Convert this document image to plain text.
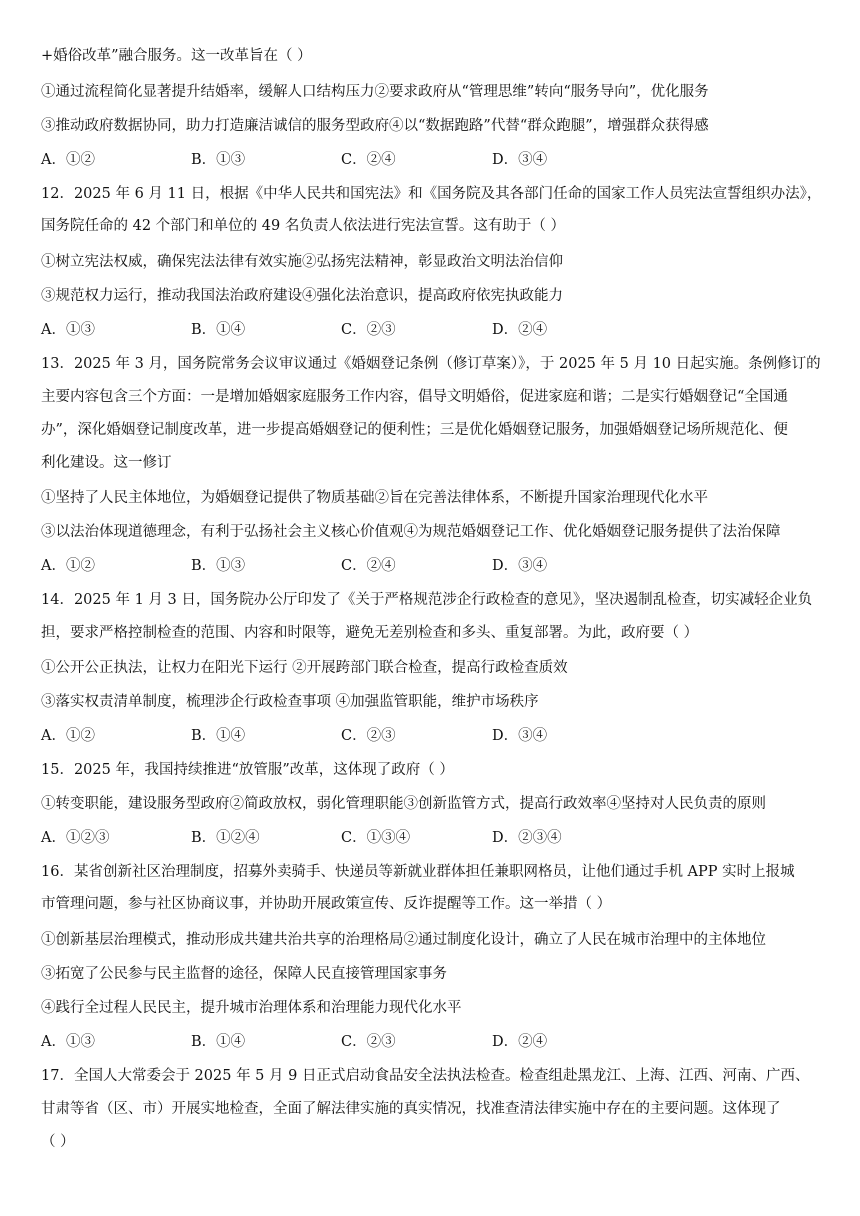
+婚俗改革”融合服务。这一改革旨在（ ）
①通过流程简化显著提升结婚率，缓解人口结构压力②要求政府从“管理思维”转向“服务导向”，优化服务
③推动政府数据协同，助力打造廉洁诚信的服务型政府④以“数据跑路”代替“群众跑腿”，增强群众获得感
A．①②	B．①③	C．②④	D．③④
12．2025 年 6 月 11 日，根据《中华人民共和国宪法》和《国务院及其各部门任命的国家工作人员宪法宣誓组织办法》，
国务院任命的 42 个部门和单位的 49 名负责人依法进行宪法宣誓。这有助于（ ）
①树立宪法权威，确保宪法法律有效实施②弘扬宪法精神，彰显政治文明法治信仰
③规范权力运行，推动我国法治政府建设④强化法治意识，提高政府依宪执政能力
A．①③	B．①④	C．②③	D．②④
13．2025 年 3 月，国务院常务会议审议通过《婚姻登记条例（修订草案）》，于 2025 年 5 月 10 日起实施。条例修订的
主要内容包含三个方面：一是增加婚姻家庭服务工作内容，倡导文明婚俗，促进家庭和谐；二是实行婚姻登记“全国通
办”，深化婚姻登记制度改革，进一步提高婚姻登记的便利性；三是优化婚姻登记服务，加强婚姻登记场所规范化、便
利化建设。这一修订
①坚持了人民主体地位，为婚姻登记提供了物质基础②旨在完善法律体系，不断提升国家治理现代化水平
③以法治体现道德理念，有利于弘扬社会主义核心价值观④为规范婚姻登记工作、优化婚姻登记服务提供了法治保障
A．①②	B．①③	C．②④	D．③④
14．2025 年 1 月 3 日，国务院办公厅印发了《关于严格规范涉企行政检查的意见》，坚决遏制乱检查，切实减轻企业负
担，要求严格控制检查的范围、内容和时限等，避免无差别检查和多头、重复部署。为此，政府要（ ）
①公开公正执法，让权力在阳光下运行 ②开展跨部门联合检查，提高行政检查质效
③落实权责清单制度，梳理涉企行政检查事项 ④加强监管职能，维护市场秩序
A．①②	B．①④	C．②③	D．③④
15．2025 年，我国持续推进“放管服”改革，这体现了政府（ ）
①转变职能，建设服务型政府②简政放权，弱化管理职能③创新监管方式，提高行政效率④坚持对人民负责的原则
A．①②③	B．①②④	C．①③④	D．②③④
16．某省创新社区治理制度，招募外卖骑手、快递员等新就业群体担任兼职网格员，让他们通过手机 APP 实时上报城
市管理问题，参与社区协商议事，并协助开展政策宣传、反诈提醒等工作。这一举措（ ）
①创新基层治理模式，推动形成共建共治共享的治理格局②通过制度化设计，确立了人民在城市治理中的主体地位
③拓宽了公民参与民主监督的途径，保障人民直接管理国家事务
④践行全过程人民民主，提升城市治理体系和治理能力现代化水平
A．①③	B．①④	C．②③	D．②④
17．全国人大常委会于 2025 年 5 月 9 日正式启动食品安全法执法检查。检查组赴黑龙江、上海、江西、河南、广西、
甘肃等省（区、市）开展实地检查，全面了解法律实施的真实情况，找准查清法律实施中存在的主要问题。这体现了
（ ）
